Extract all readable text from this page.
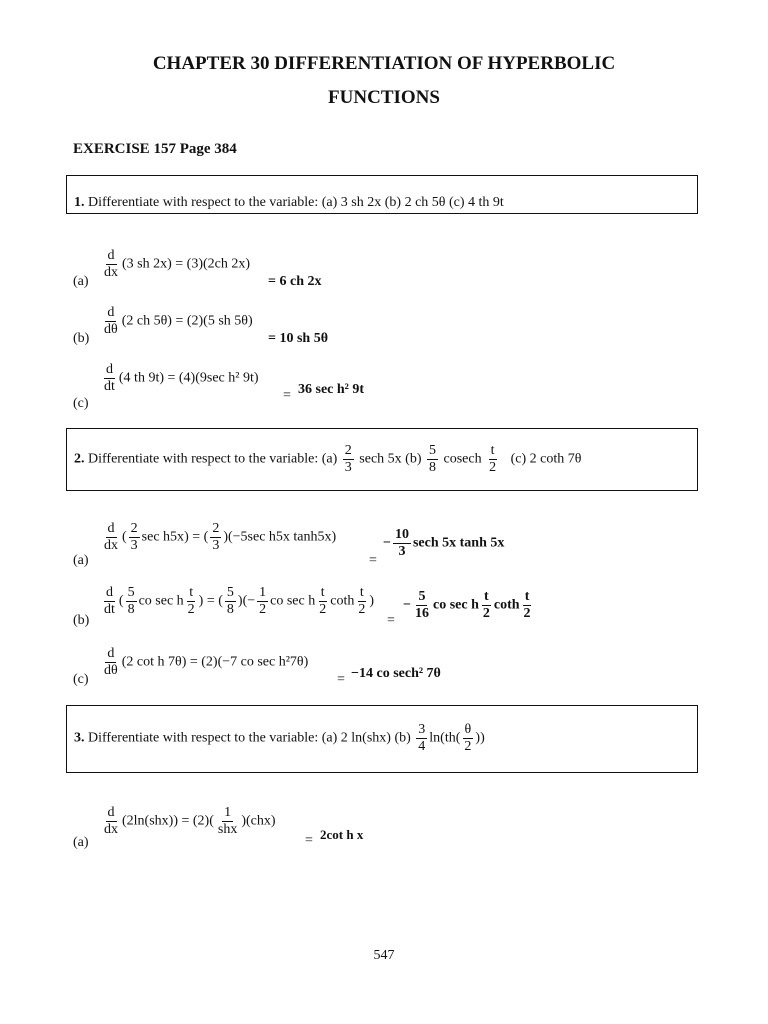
CHAPTER 30 DIFFERENTIATION OF HYPERBOLIC
FUNCTIONS
EXERCISE 157 Page 384
1. Differentiate with respect to the variable: (a) 3 sh 2x (b) 2 ch 5θ (c) 4 th 9t
(a)
$\frac{d}{dx} (3$ sh 2x) = (3)(2ch 2x)
= 6 ch 2x
(b)
$\frac{d}{d\theta} (2$ ch 5θ) = (2)(5 sh 5θ)
= 10 sh 5θ
(c)
$\frac{d}{dt} (4$ th 9t) = (4)(9sec h² 9t)
= 36 sec h² 9t
2. Differentiate with respect to the variable: $(a) \frac{2}{3}$ sech 5x $(b) \frac{5}{8}$ cosech $\frac{t}{2} (c)$ 2 coth 7θ
(a)
$\frac{d}{dx}$ ( $\frac{2}{3}$ sec h5x) = ( $\frac{2}{3} )(-5\sec$ h5x tanh5x)
=
− $\frac{10}{3}$ sech 5x tanh 5x
(b)
$\frac{d}{dt}$ ( $\frac{5}{8}$ co sec h $\frac{t}{2}$ ) = ( $\frac{5}{8}$ )(− $\frac{1}{2}$ co sec h $\frac{t}{2}$ coth $\frac{t}{2}$ )
=
− $\frac{5}{16}$ co sec h $\frac{t}{2}$ coth $\frac{t}{2}$
(c)
$\frac{d}{d\theta} (2$ cot h 7θ) = (2)(−7 co sec h²7θ)
= −14 co sech² 7θ
3. Differentiate with respect to the variable: (a) 2 ln(shx) $(b) \frac{3}{4} \ln(th( \frac{\theta}{2}$ ))
(a)
$\frac{d}{dx} (2\ln(shx)) = (2)( \frac{1}{\text{shx}} )(chx)$
= 2cot h x
547
